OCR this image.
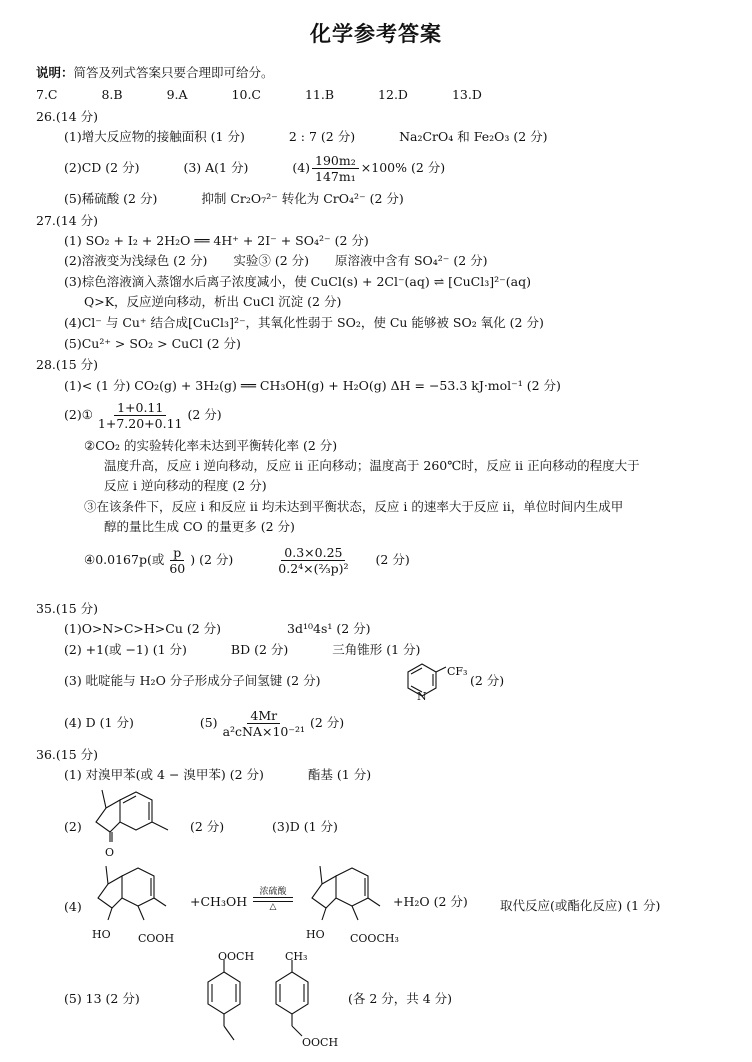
化学参考答案
说明：简答及列式答案只要合理即可给分。
7.C	8.B	9.A	10.C	11.B	12.D	13.D
26.(14 分)
(1)增大反应物的接触面积 (1 分)	2 : 7 (2 分)	Na₂CrO₄ 和 Fe₂O₃ (2 分)
(2)CD (2 分)	(3) A(1 分)	$(4) \frac{\text{190m₂}}{\text{147m₁}} \times 100\%$ (2 分)
(5)稀硫酸 (2 分)	抑制 Cr₂O₇²⁻ 转化为 CrO₄²⁻ (2 分)
27.(14 分)
(1) SO₂ + I₂ + 2H₂O ══ 4H⁺ + 2I⁻ + SO₄²⁻ (2 分)
(2)溶液变为浅绿色 (2 分) 实验③ (2 分) 原溶液中含有 SO₄²⁻ (2 分)
(3)棕色溶液滴入蒸馏水后离子浓度减小，使 CuCl(s) + 2Cl⁻(aq) ⇌ [CuCl₃]²⁻(aq)
Q>K，反应逆向移动，析出 CuCl 沉淀 (2 分)
(4)Cl⁻ 与 Cu⁺ 结合成[CuCl₃]²⁻，其氧化性弱于 SO₂，使 Cu 能够被 SO₂ 氧化 (2 分)
(5)Cu²⁺ > SO₂ > CuCl (2 分)
28.(15 分)
(1)< (1 分) CO₂(g) + 3H₂(g) ══ CH₃OH(g) + H₂O(g) ΔH = −53.3 kJ·mol⁻¹ (2 分)
(2)① $\frac{1+0.11}{1+7.20+0.11} (2$ 分)
②CO₂ 的实验转化率未达到平衡转化率 (2 分)
温度升高，反应 i 逆向移动，反应 ii 正向移动；温度高于 260℃时，反应 ii 正向移动的程度大于
反应 i 逆向移动的程度 (2 分)
③在该条件下，反应 i 和反应 ii 均未达到平衡状态，反应 i 的速率大于反应 ii，单位时间内生成甲
醇的量比生成 CO 的量更多 (2 分)
④0.0167p(或 $\frac{p}{60}$ ) (2 分)	$\frac{0.3\times 0.25}{\text{0.2⁴×(⅔p)²}} (2$ 分)
35.(15 分)
(1)O>N>C>H>Cu (2 分)	3d¹⁰4s¹ (2 分)
(2) +1(或 −1) (1 分)	BD (2 分)	三角锥形 (1 分)
(3) 吡啶能与 H₂O 分子形成分子间氢键 (2 分)
CF₃
N
(2 分)
(4) D (1 分)	$(5) \frac{4Mr}{\text{a²cNA×10⁻²¹}} (2$ 分)
36.(15 分)
(1) 对溴甲苯(或 4 − 溴甲苯) (2 分)	酯基 (1 分)
(2)
O
(2 分)	(3)D (1 分)
(4)
HO COOH
+CH₃OH
浓硫酸
△
HO COOCH₃
+H₂O (2 分)	取代反应(或酯化反应) (1 分)
(5) 13 (2 分)
OOCH	CH₃
OOCH
(各 2 分，共 4 分)
